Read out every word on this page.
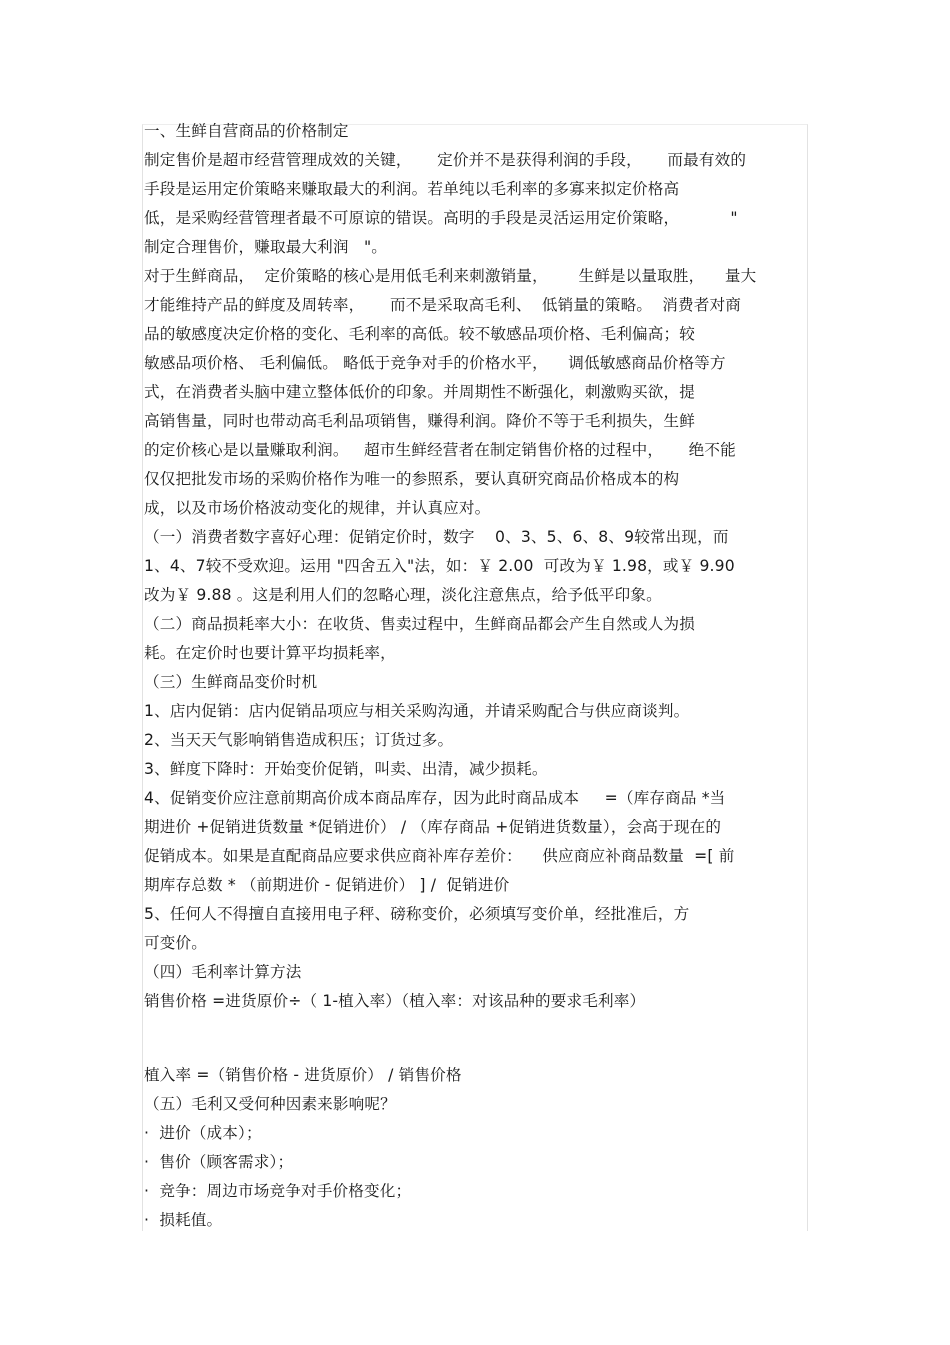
一、生鲜自营商品的价格制定
制定售价是超市经营管理成效的关键，     定价并不是获得利润的手段，     而最有效的
手段是运用定价策略来赚取最大的利润。若单纯以毛利率的多寡来拟定价格高
低，是采购经营管理者最不可原谅的错误。高明的手段是灵活运用定价策略，          "
制定合理售价，赚取最大利润   "。
对于生鲜商品，  定价策略的核心是用低毛利来刺激销量，      生鲜是以量取胜，    量大
才能维持产品的鲜度及周转率，     而不是采取高毛利、  低销量的策略。  消费者对商
品的敏感度决定价格的变化、毛利率的高低。较不敏感品项价格、毛利偏高；较
敏感品项价格、 毛利偏低。 略低于竞争对手的价格水平，    调低敏感商品价格等方
式，在消费者头脑中建立整体低价的印象。并周期性不断强化，刺激购买欲，提
高销售量，同时也带动高毛利品项销售，赚得利润。降价不等于毛利损失，生鲜
的定价核心是以量赚取利润。   超市生鲜经营者在制定销售价格的过程中，     绝不能
仅仅把批发市场的采购价格作为唯一的参照系，要认真研究商品价格成本的构
成，以及市场价格波动变化的规律，并认真应对。
（一）消费者数字喜好心理：促销定价时，数字    0、3、5、6、8、9较常出现，而
1、4、7较不受欢迎。运用 "四舍五入"法，如：￥ 2.00  可改为￥ 1.98，或￥ 9.90
改为￥ 9.88 。这是利用人们的忽略心理，淡化注意焦点，给予低平印象。
（二）商品损耗率大小：在收货、售卖过程中，生鲜商品都会产生自然或人为损
耗。在定价时也要计算平均损耗率，
（三）生鲜商品变价时机
1、店内促销：店内促销品项应与相关采购沟通，并请采购配合与供应商谈判。
2、当天天气影响销售造成积压；订货过多。
3、鲜度下降时：开始变价促销，叫卖、出清，减少损耗。
4、促销变价应注意前期高价成本商品库存，因为此时商品成本     =（库存商品 *当
期进价 +促销进货数量 *促销进价） / （库存商品 +促销进货数量），会高于现在的
促销成本。如果是直配商品应要求供应商补库存差价：    供应商应补商品数量  =[ 前
期库存总数 * （前期进价 - 促销进价） ] /  促销进价
5、任何人不得擅自直接用电子秤、磅称变价，必须填写变价单，经批准后，方
可变价。
（四）毛利率计算方法
销售价格 =进货原价÷（ 1-植入率）（植入率：对该品种的要求毛利率）
植入率 =（销售价格 - 进货原价） / 销售价格
（五）毛利又受何种因素来影响呢？
·  进价（成本）；
·  售价（顾客需求）；
·  竞争：周边市场竞争对手价格变化；
·  损耗值。
